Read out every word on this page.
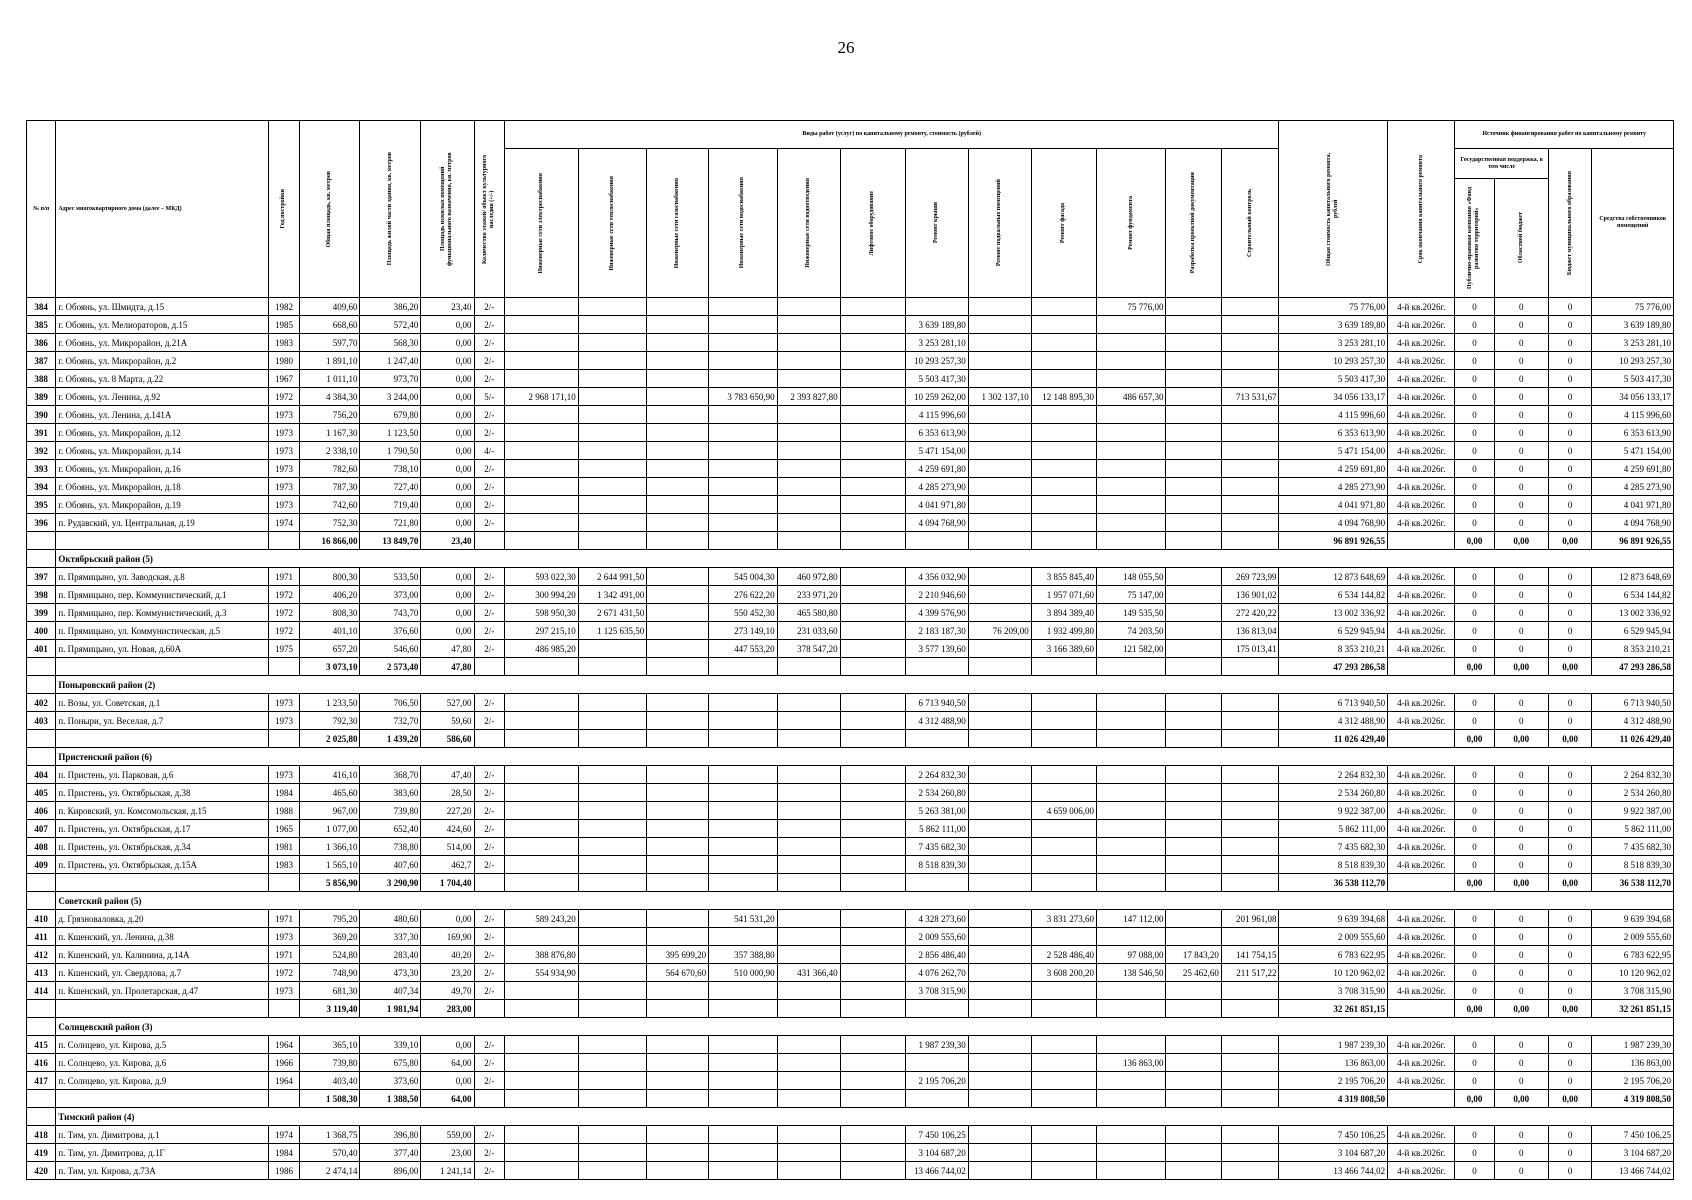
26
№ п/п	Адрес многоквартирного дома (далее – МКД)	Год постройки	Общая площадь, кв. метров	Площадь жилой части здания, кв. метров	Площадь нежилых помещений функционального назначения, кв. метров	Количество этажей/ объект культурного наследия (+/-)	Виды работ (услуг) по капитальному ремонту, стоимость (рублей)												Общая стоимость капитального ремонта, рублей	Срок окончания капитального ремонта	Источник финансирования работ по капитальному ремонту			

							Инженерные сети электроснабжения	Инженерные сети теплоснабжения	Инженерные сети газоснабжения	Инженерные сети водоснабжения	Инженерные сети водоотведения	Лифтовое оборудование	Ремонт крыши	Ремонт подвальных помещений	Ремонт фасада	Ремонт фундамента	Разработка проектной документации	Строительный контроль			Государственная поддержка, в том числе		Бюджет муниципального образования	Средства собственников помещений

																					Публично-правовая компания «Фонд развития территорий»	Областной бюджет		

384	г. Обоянь, ул. Шмидта, д.15	1982	409,60	386,20	23,40	2/-										75 776,00			75 776,00	4-й кв.2026г.	0	0	0	75 776,00
385	г. Обоянь, ул. Мелиораторов, д.15	1985	668,60	572,40	0,00	2/-							3 639 189,80						3 639 189,80	4-й кв.2026г.	0	0	0	3 639 189,80
386	г. Обоянь, ул. Микрорайон, д.21А	1983	597,70	568,30	0,00	2/-							3 253 281,10						3 253 281,10	4-й кв.2026г.	0	0	0	3 253 281,10
387	г. Обоянь, ул. Микрорайон, д.2	1980	1 891,10	1 247,40	0,00	2/-							10 293 257,30						10 293 257,30	4-й кв.2026г.	0	0	0	10 293 257,30
388	г. Обоянь, ул. 8 Марта, д.22	1967	1 011,10	973,70	0,00	2/-							5 503 417,30						5 503 417,30	4-й кв.2026г.	0	0	0	5 503 417,30
389	г. Обоянь, ул. Ленина, д.92	1972	4 384,30	3 244,00	0,00	5/-	2 968 171,10			3 783 650,90	2 393 827,80		10 259 262,00	1 302 137,10	12 148 895,30	486 657,30		713 531,67	34 056 133,17	4-й кв.2026г.	0	0	0	34 056 133,17
390	г. Обоянь, ул. Ленина, д.141А	1973	756,20	679,80	0,00	2/-							4 115 996,60						4 115 996,60	4-й кв.2026г.	0	0	0	4 115 996,60
391	г. Обоянь, ул. Микрорайон, д.12	1973	1 167,30	1 123,50	0,00	2/-							6 353 613,90						6 353 613,90	4-й кв.2026г.	0	0	0	6 353 613,90
392	г. Обоянь, ул. Микрорайон, д.14	1973	2 338,10	1 790,50	0,00	4/-							5 471 154,00						5 471 154,00	4-й кв.2026г.	0	0	0	5 471 154,00
393	г. Обоянь, ул. Микрорайон, д.16	1973	782,60	738,10	0,00	2/-							4 259 691,80						4 259 691,80	4-й кв.2026г.	0	0	0	4 259 691,80
394	г. Обоянь, ул. Микрорайон, д.18	1973	787,30	727,40	0,00	2/-							4 285 273,90						4 285 273,90	4-й кв.2026г.	0	0	0	4 285 273,90
395	г. Обоянь, ул. Микрорайон, д.19	1973	742,60	719,40	0,00	2/-							4 041 971,80						4 041 971,80	4-й кв.2026г.	0	0	0	4 041 971,80
396	п. Рудавский, ул. Центральная, д.19	1974	752,30	721,80	0,00	2/-							4 094 768,90						4 094 768,90	4-й кв.2026г.	0	0	0	4 094 768,90
			16 866,00	13 849,70	23,40														96 891 926,55		0,00	0,00	0,00	96 891 926,55
	Октябрьский район (5)																							
397	п. Прямицыно, ул. Заводская, д.8	1971	800,30	533,50	0,00	2/-	593 022,30	2 644 991,50		545 004,30	460 972,80		4 356 032,90		3 855 845,40	148 055,50		269 723,99	12 873 648,69	4-й кв.2026г.	0	0	0	12 873 648,69
398	п. Прямицыно, пер. Коммунистический, д.1	1972	406,20	373,00	0,00	2/-	300 994,20	1 342 491,00		276 622,20	233 971,20		2 210 946,60		1 957 071,60	75 147,00		136 901,02	6 534 144,82	4-й кв.2026г.	0	0	0	6 534 144,82
399	п. Прямицыно, пер. Коммунистический, д.3	1972	808,30	743,70	0,00	2/-	598 950,30	2 671 431,50		550 452,30	465 580,80		4 399 576,90		3 894 389,40	149 535,50		272 420,22	13 002 336,92	4-й кв.2026г.	0	0	0	13 002 336,92
400	п. Прямицыно, ул. Коммунистическая, д.5	1972	401,10	376,60	0,00	2/-	297 215,10	1 125 635,50		273 149,10	231 033,60		2 183 187,30	76 209,00	1 932 499,80	74 203,50		136 813,04	6 529 945,94	4-й кв.2026г.	0	0	0	6 529 945,94
401	п. Прямицыно, ул. Новая, д.60А	1975	657,20	546,60	47,80	2/-	486 985,20			447 553,20	378 547,20		3 577 139,60		3 166 389,60	121 582,00		175 013,41	8 353 210,21	4-й кв.2026г.	0	0	0	8 353 210,21
			3 073,10	2 573,40	47,80														47 293 286,58		0,00	0,00	0,00	47 293 286,58
	Поныровский район (2)																							
402	п. Возы, ул. Советская, д.1	1973	1 233,50	706,50	527,00	2/-							6 713 940,50						6 713 940,50	4-й кв.2026г.	0	0	0	6 713 940,50
403	п. Поныри, ул. Веселая, д.7	1973	792,30	732,70	59,60	2/-							4 312 488,90						4 312 488,90	4-й кв.2026г.	0	0	0	4 312 488,90
			2 025,80	1 439,20	586,60														11 026 429,40		0,00	0,00	0,00	11 026 429,40
	Пристенский район (6)																							
404	п. Пристень, ул. Парковая, д.6	1973	416,10	368,70	47,40	2/-							2 264 832,30						2 264 832,30	4-й кв.2026г.	0	0	0	2 264 832,30
405	п. Пристень, ул. Октябрьская, д.38	1984	465,60	383,60	28,50	2/-							2 534 260,80						2 534 260,80	4-й кв.2026г.	0	0	0	2 534 260,80
406	п. Кировский, ул. Комсомольская, д.15	1988	967,00	739,80	227,20	2/-							5 263 381,00		4 659 006,00				9 922 387,00	4-й кв.2026г.	0	0	0	9 922 387,00
407	п. Пристень, ул. Октябрьская, д.17	1965	1 077,00	652,40	424,60	2/-							5 862 111,00						5 862 111,00	4-й кв.2026г.	0	0	0	5 862 111,00
408	п. Пристень, ул. Октябрьская, д.34	1981	1 366,10	738,80	514,00	2/-							7 435 682,30						7 435 682,30	4-й кв.2026г.	0	0	0	7 435 682,30
409	п. Пристень, ул. Октябрьская, д.15А	1983	1 565,10	407,60	462,7	2/-							8 518 839,30						8 518 839,30	4-й кв.2026г.	0	0	0	8 518 839,30
			5 856,90	3 290,90	1 704,40														36 538 112,70		0,00	0,00	0,00	36 538 112,70
	Советский район (5)																							
410	д. Грязноваловка, д.20	1971	795,20	480,60	0,00	2/-	589 243,20			541 531,20			4 328 273,60		3 831 273,60	147 112,00		201 961,08	9 639 394,68	4-й кв.2026г.	0	0	0	9 639 394,68
411	п. Кшенский, ул. Ленина, д.38	1973	369,20	337,30	169,90	2/-							2 009 555,60						2 009 555,60	4-й кв.2026г.	0	0	0	2 009 555,60
412	п. Кшенский, ул. Калинина, д.14А	1971	524,80	283,40	40,20	2/-	388 876,80		395 699,20	357 388,80			2 856 486,40		2 528 486,40	97 088,00	17 843,20	141 754,15	6 783 622,95	4-й кв.2026г.	0	0	0	6 783 622,95
413	п. Кшенский, ул. Свердлова, д.7	1972	748,90	473,30	23,20	2/-	554 934,90		564 670,60	510 000,90	431 366,40		4 076 262,70		3 608 200,20	138 546,50	25 462,60	211 517,22	10 120 962,02	4-й кв.2026г.	0	0	0	10 120 962,02
414	п. Кшенский, ул. Пролетарская, д.47	1973	681,30	407,34	49,70	2/-							3 708 315,90						3 708 315,90	4-й кв.2026г.	0	0	0	3 708 315,90
			3 119,40	1 981,94	283,00														32 261 851,15		0,00	0,00	0,00	32 261 851,15
	Солнцевский район (3)																							
415	п. Солнцево, ул. Кирова, д.5	1964	365,10	339,10	0,00	2/-							1 987 239,30						1 987 239,30	4-й кв.2026г.	0	0	0	1 987 239,30
416	п. Солнцево, ул. Кирова, д.6	1966	739,80	675,80	64,00	2/-										136 863,00			136 863,00	4-й кв.2026г.	0	0	0	136 863,00
417	п. Солнцево, ул. Кирова, д.9	1964	403,40	373,60	0,00	2/-							2 195 706,20						2 195 706,20	4-й кв.2026г.	0	0	0	2 195 706,20
			1 508,30	1 388,50	64,00														4 319 808,50		0,00	0,00	0,00	4 319 808,50
	Тимский район (4)																							
418	п. Тим, ул. Димитрова, д.1	1974	1 368,75	396,80	559,00	2/-							7 450 106,25						7 450 106,25	4-й кв.2026г.	0	0	0	7 450 106,25
419	п. Тим, ул. Димитрова, д.1Г	1984	570,40	377,40	23,00	2/-							3 104 687,20						3 104 687,20	4-й кв.2026г.	0	0	0	3 104 687,20
420	п. Тим, ул. Кирова, д.73А	1986	2 474,14	896,00	1 241,14	2/-							13 466 744,02						13 466 744,02	4-й кв.2026г.	0	0	0	13 466 744,02
